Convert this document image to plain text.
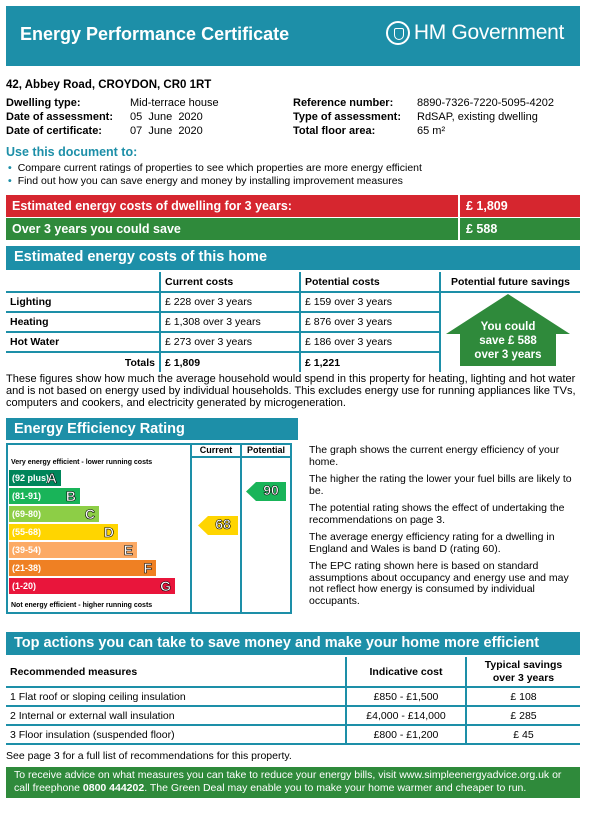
Energy Performance Certificate	HM Government
42, Abbey Road, CROYDON, CR0 1RT
Dwelling type:	Mid-terrace house
Date of assessment:	05  June  2020
Date of certificate:	07  June  2020
Reference number:	8890-7326-7220-5095-4202
Type of assessment:	RdSAP, existing dwelling
Total floor area:	65 m²
Use this document to:
• Compare current ratings of properties to see which properties are more energy efficient
• Find out how you can save energy and money by installing improvement measures
Estimated energy costs of dwelling for 3 years:	£ 1,809
Over 3 years you could save	£ 588
Estimated energy costs of this home
	Current costs	Potential costs	Potential future savings
Lighting	£ 228 over 3 years	£ 159 over 3 years	
Heating	£ 1,308 over 3 years	£ 876 over 3 years	
Hot Water	£ 273 over 3 years	£ 186 over 3 years	
Totals	£ 1,809	£ 1,221	
You could
save £ 588
over 3 years
These figures show how much the average household would spend in this property for heating, lighting and hot water and is not based on energy used by individual households. This excludes energy use for running appliances like TVs, computers and cookers, and electricity generated by microgeneration.
Energy Efficiency Rating
Current	Potential
Very energy efficient - lower running costs
Not energy efficient - higher running costs
(92 plus)
A
(81-91) B
(69-80)	C
(55-68)	D
(39-54)	E
(21-38)	F
(1-20)	G
68
90
The graph shows the current energy efficiency of your home.
The higher the rating the lower your fuel bills are likely to be.
The potential rating shows the effect of undertaking the recommendations on page 3.
The average energy efficiency rating for a dwelling in England and Wales is band D (rating 60).
The EPC rating shown here is based on standard assumptions about occupancy and energy use and may not reflect how energy is consumed by individual occupants.
Top actions you can take to save money and make your home more efficient
Recommended measures	Indicative cost	Typical savings
over 3 years

1 Flat roof or sloping ceiling insulation	£850 - £1,500	£ 108
2 Internal or external wall insulation	£4,000 - £14,000	£ 285
3 Floor insulation (suspended floor)	£800 - £1,200	£ 45
See page 3 for a full list of recommendations for this property.
To receive advice on what measures you can take to reduce your energy bills, visit www.simpleenergyadvice.org.uk or
call freephone 0800 444202. The Green Deal may enable you to make your home warmer and cheaper to run.
